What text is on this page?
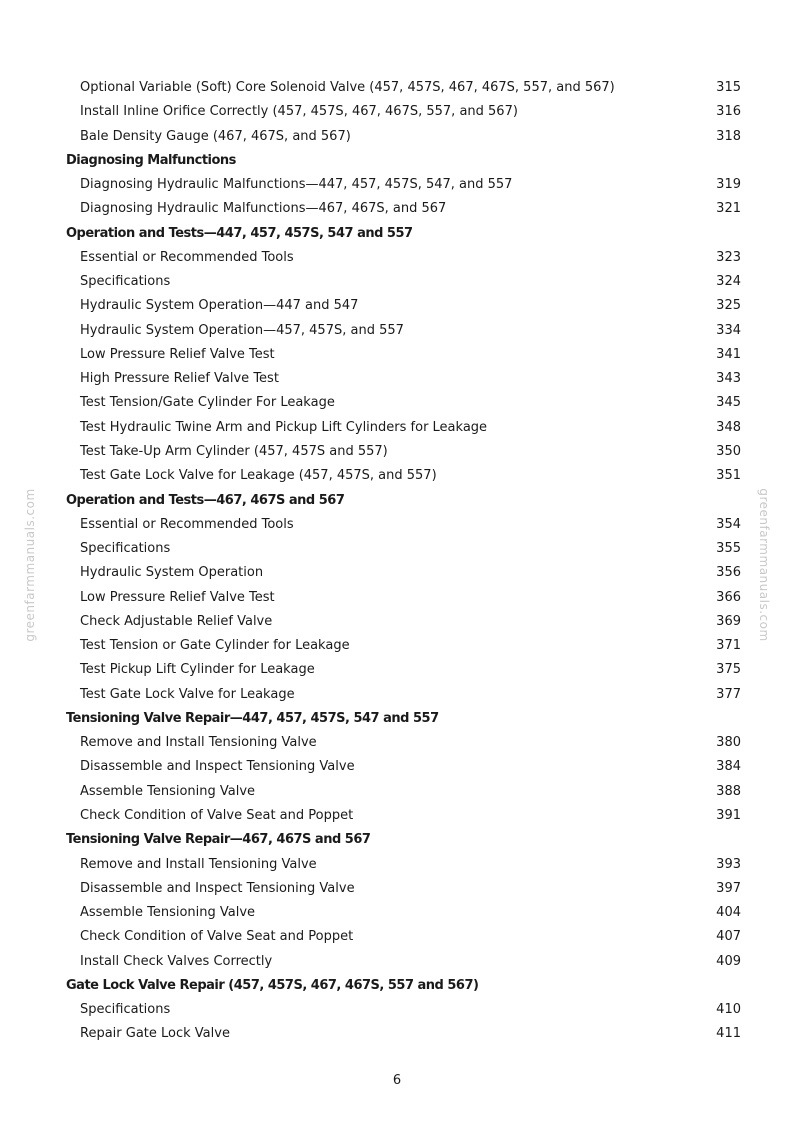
Optional Variable (Soft) Core Solenoid Valve (457, 457S, 467, 467S, 557, and 567)	315
Install Inline Orifice Correctly (457, 457S, 467, 467S, 557, and 567)	316
Bale Density Gauge (467, 467S, and 567)	318
Diagnosing Malfunctions
Diagnosing Hydraulic Malfunctions—447, 457, 457S, 547, and 557	319
Diagnosing Hydraulic Malfunctions—467, 467S, and 567	321
Operation and Tests—447, 457, 457S, 547 and 557
Essential or Recommended Tools	323
Specifications	324
Hydraulic System Operation—447 and 547	325
Hydraulic System Operation—457, 457S, and 557	334
Low Pressure Relief Valve Test	341
High Pressure Relief Valve Test	343
Test Tension/Gate Cylinder For Leakage	345
Test Hydraulic Twine Arm and Pickup Lift Cylinders for Leakage	348
Test Take-Up Arm Cylinder (457, 457S and 557)	350
Test Gate Lock Valve for Leakage (457, 457S, and 557)	351
Operation and Tests—467, 467S and 567
Essential or Recommended Tools	354
Specifications	355
Hydraulic System Operation	356
Low Pressure Relief Valve Test	366
Check Adjustable Relief Valve	369
Test Tension or Gate Cylinder for Leakage	371
Test Pickup Lift Cylinder for Leakage	375
Test Gate Lock Valve for Leakage	377
Tensioning Valve Repair—447, 457, 457S, 547 and 557
Remove and Install Tensioning Valve	380
Disassemble and Inspect Tensioning Valve	384
Assemble Tensioning Valve	388
Check Condition of Valve Seat and Poppet	391
Tensioning Valve Repair—467, 467S and 567
Remove and Install Tensioning Valve	393
Disassemble and Inspect Tensioning Valve	397
Assemble Tensioning Valve	404
Check Condition of Valve Seat and Poppet	407
Install Check Valves Correctly	409
Gate Lock Valve Repair (457, 457S, 467, 467S, 557 and 567)
Specifications	410
Repair Gate Lock Valve	411
greenfarmmanuals.com	greenfarmmanuals.com
6
